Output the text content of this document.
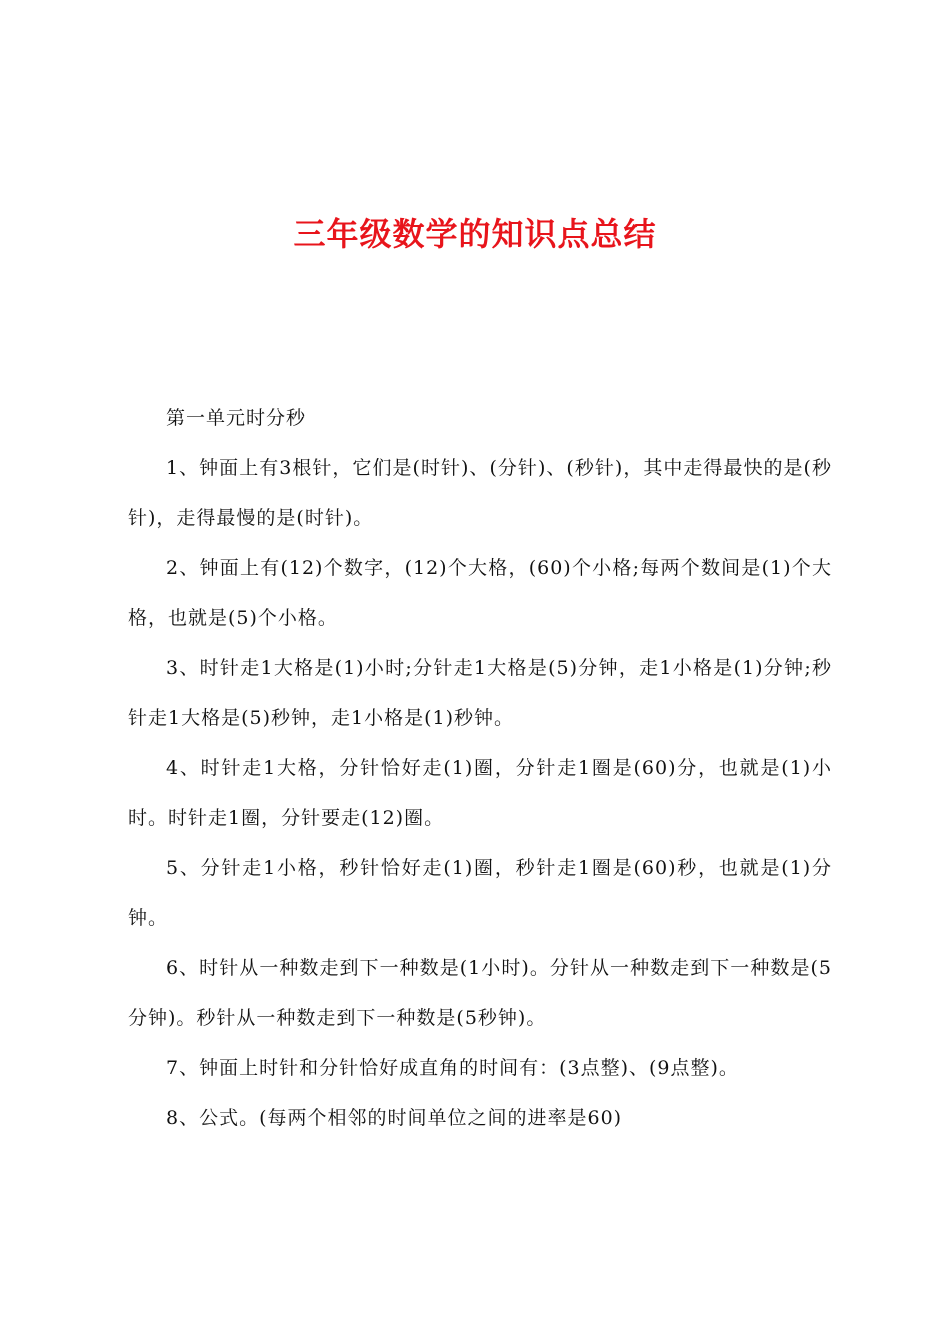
三年级数学的知识点总结

第一单元时分秒

1、钟面上有3根针，它们是(时针)、(分针)、(秒针)，其中走得最快的是(秒针)，走得最慢的是(时针)。

2、钟面上有(12)个数字，(12)个大格，(60)个小格;每两个数间是(1)个大格，也就是(5)个小格。

3、时针走1大格是(1)小时;分针走1大格是(5)分钟，走1小格是(1)分钟;秒针走1大格是(5)秒钟，走1小格是(1)秒钟。

4、时针走1大格，分针恰好走(1)圈，分针走1圈是(60)分，也就是(1)小时。时针走1圈，分针要走(12)圈。

5、分针走1小格，秒针恰好走(1)圈，秒针走1圈是(60)秒，也就是(1)分钟。

6、时针从一种数走到下一种数是(1小时)。分针从一种数走到下一种数是(5分钟)。秒针从一种数走到下一种数是(5秒钟)。

7、钟面上时针和分针恰好成直角的时间有：(3点整)、(9点整)。

8、公式。(每两个相邻的时间单位之间的进率是60)
